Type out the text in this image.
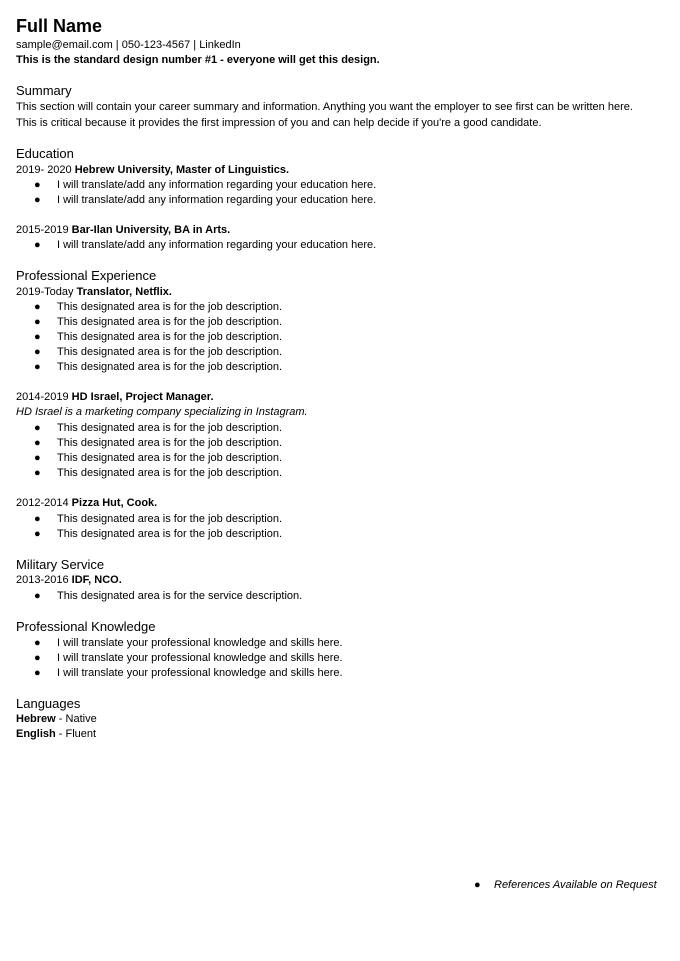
Full Name
sample@email.com | 050-123-4567 | LinkedIn
This is the standard design number #1 - everyone will get this design.
Summary
This section will contain your career summary and information. Anything you want the employer to see first can be written here.
This is critical because it provides the first impression of you and can help decide if you're a good candidate.
Education
2019- 2020 Hebrew University, Master of Linguistics.
● I will translate/add any information regarding your education here.
● I will translate/add any information regarding your education here.
2015-2019 Bar-Ilan University, BA in Arts.
● I will translate/add any information regarding your education here.
Professional Experience
2019-Today Translator, Netflix.
● This designated area is for the job description.
● This designated area is for the job description.
● This designated area is for the job description.
● This designated area is for the job description.
● This designated area is for the job description.
2014-2019 HD Israel, Project Manager.
HD Israel is a marketing company specializing in Instagram.
● This designated area is for the job description.
● This designated area is for the job description.
● This designated area is for the job description.
● This designated area is for the job description.
2012-2014 Pizza Hut, Cook.
● This designated area is for the job description.
● This designated area is for the job description.
Military Service
2013-2016 IDF, NCO.
● This designated area is for the service description.
Professional Knowledge
● I will translate your professional knowledge and skills here.
● I will translate your professional knowledge and skills here.
● I will translate your professional knowledge and skills here.
Languages
Hebrew - Native
English - Fluent
● References Available on Request
